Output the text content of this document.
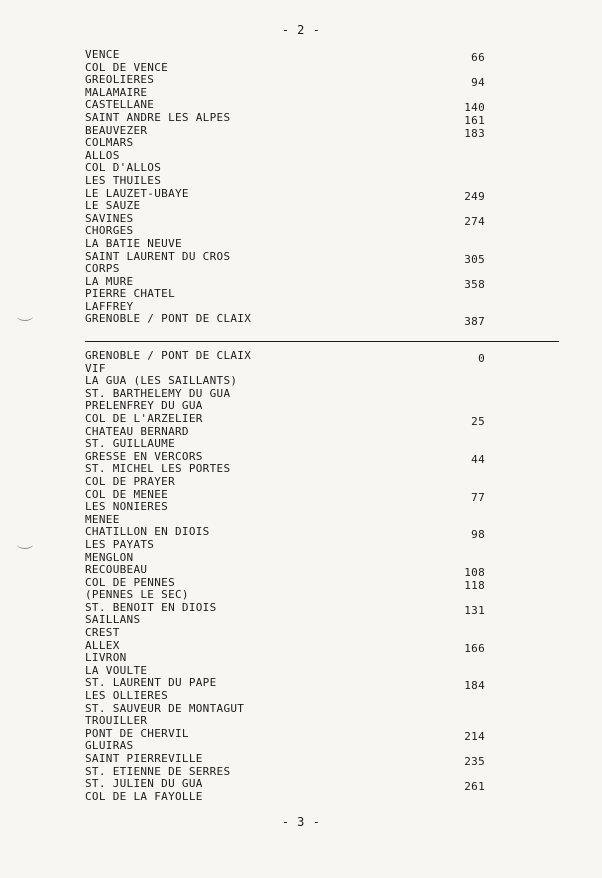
- 2 -
VENCE	66
COL DE VENCE
GREOLIERES	94
MALAMAIRE
CASTELLANE	140
SAINT ANDRE LES ALPES	161
BEAUVEZER	183
COLMARS
ALLOS
COL D'ALLOS
LES THUILES
LE LAUZET-UBAYE	249
LE SAUZE
SAVINES	274
CHORGES
LA BATIE NEUVE
SAINT LAURENT DU CROS	305
CORPS
LA MURE	358
PIERRE CHATEL
LAFFREY
GRENOBLE / PONT DE CLAIX	387
GRENOBLE / PONT DE CLAIX	0
VIF
LA GUA (LES SAILLANTS)
ST. BARTHELEMY DU GUA
PRELENFREY DU GUA
COL DE L'ARZELIER	25
CHATEAU BERNARD
ST. GUILLAUME
GRESSE EN VERCORS	44
ST. MICHEL LES PORTES
COL DE PRAYER
COL DE MENEE	77
LES NONIERES
MENEE
CHATILLON EN DIOIS	98
LES PAYATS
MENGLON
RECOUBEAU	108
COL DE PENNES	118
(PENNES LE SEC)
ST. BENOIT EN DIOIS	131
SAILLANS
CREST
ALLEX	166
LIVRON
LA VOULTE
ST. LAURENT DU PAPE	184
LES OLLIERES
ST. SAUVEUR DE MONTAGUT
TROUILLER
PONT DE CHERVIL	214
GLUIRAS
SAINT PIERREVILLE	235
ST. ETIENNE DE SERRES
ST. JULIEN DU GUA	261
COL DE LA FAYOLLE
- 3 -
